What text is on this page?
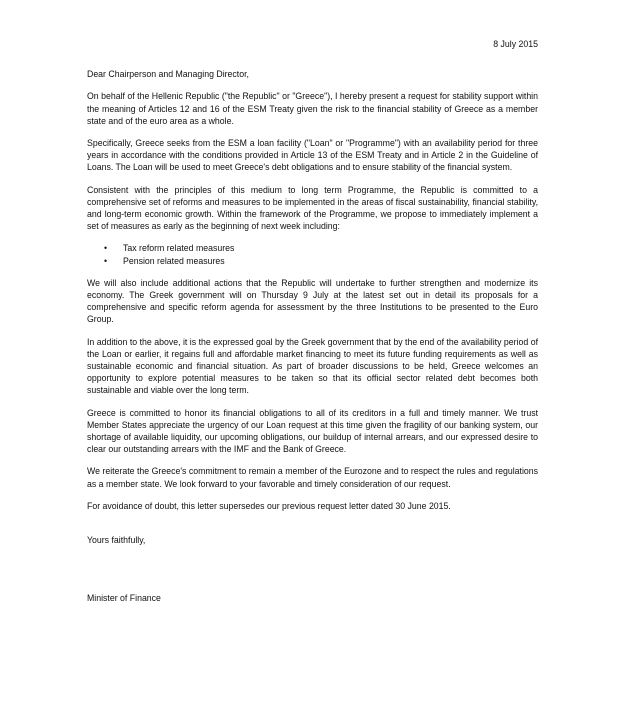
8 July 2015

Dear Chairperson and Managing Director,

On behalf of the Hellenic Republic ("the Republic" or "Greece"), I hereby present a request for stability support within the meaning of Articles 12 and 16 of the ESM Treaty given the risk to the financial stability of Greece as a member state and of the euro area as a whole.

Specifically, Greece seeks from the ESM a loan facility ("Loan" or "Programme") with an availability period for three years in accordance with the conditions provided in Article 13 of the ESM Treaty and in Article 2 in the Guideline of Loans. The Loan will be used to meet Greece's debt obligations and to ensure stability of the financial system.

Consistent with the principles of this medium to long term Programme, the Republic is committed to a comprehensive set of reforms and measures to be implemented in the areas of fiscal sustainability, financial stability, and long-term economic growth. Within the framework of the Programme, we propose to immediately implement a set of measures as early as the beginning of next week including:

• Tax reform related measures
• Pension related measures

We will also include additional actions that the Republic will undertake to further strengthen and modernize its economy. The Greek government will on Thursday 9 July at the latest set out in detail its proposals for a comprehensive and specific reform agenda for assessment by the three Institutions to be presented to the Euro Group.

In addition to the above, it is the expressed goal by the Greek government that by the end of the availability period of the Loan or earlier, it regains full and affordable market financing to meet its future funding requirements as well as sustainable economic and financial situation. As part of broader discussions to be held, Greece welcomes an opportunity to explore potential measures to be taken so that its official sector related debt becomes both sustainable and viable over the long term.

Greece is committed to honor its financial obligations to all of its creditors in a full and timely manner. We trust Member States appreciate the urgency of our Loan request at this time given the fragility of our banking system, our shortage of available liquidity, our upcoming obligations, our buildup of internal arrears, and our expressed desire to clear our outstanding arrears with the IMF and the Bank of Greece.

We reiterate the Greece's commitment to remain a member of the Eurozone and to respect the rules and regulations as a member state. We look forward to your favorable and timely consideration of our request.

For avoidance of doubt, this letter supersedes our previous request letter dated 30 June 2015.

Yours faithfully,

Minister of Finance
